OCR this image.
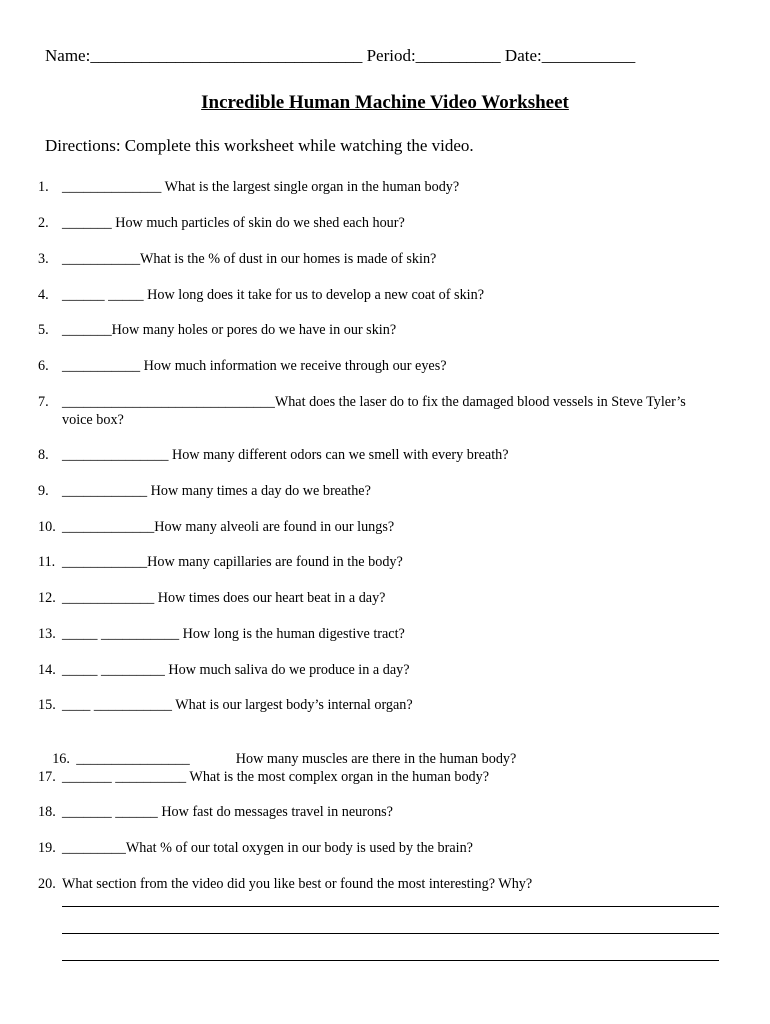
Name:________________________________ Period:__________ Date:___________
Incredible Human Machine Video Worksheet
Directions: Complete this worksheet while watching the video.
1. ______________ What is the largest single organ in the human body?
2. _______ How much particles of skin do we shed each hour?
3. ___________What is the % of dust in our homes is made of skin?
4. ______ _____ How long does it take for us to develop a new coat of skin?
5. _______How many holes or pores do we have in our skin?
6. ___________ How much information we receive through our eyes?
7. ______________________________What does the laser do to fix the damaged blood vessels in Steve Tyler’s
voice box?
8. _______________ How many different odors can we smell with every breath?
9. ____________ How many times a day do we breathe?
10. _____________How many alveoli are found in our lungs?
11. ____________How many capillaries are found in the body?
12. _____________ How times does our heart beat in a day?
13. _____ ___________ How long is the human digestive tract?
14. _____ _________ How much saliva do we produce in a day?
15. ____ ___________ What is our largest body’s internal organ?

16. ________________             How many muscles are there in the human body?

17. _______ __________ What is the most complex organ in the human body?
18. _______ ______ How fast do messages travel in neurons?
19. _________What % of our total oxygen in our body is used by the brain?
20. What section from the video did you like best or found the most interesting? Why?
